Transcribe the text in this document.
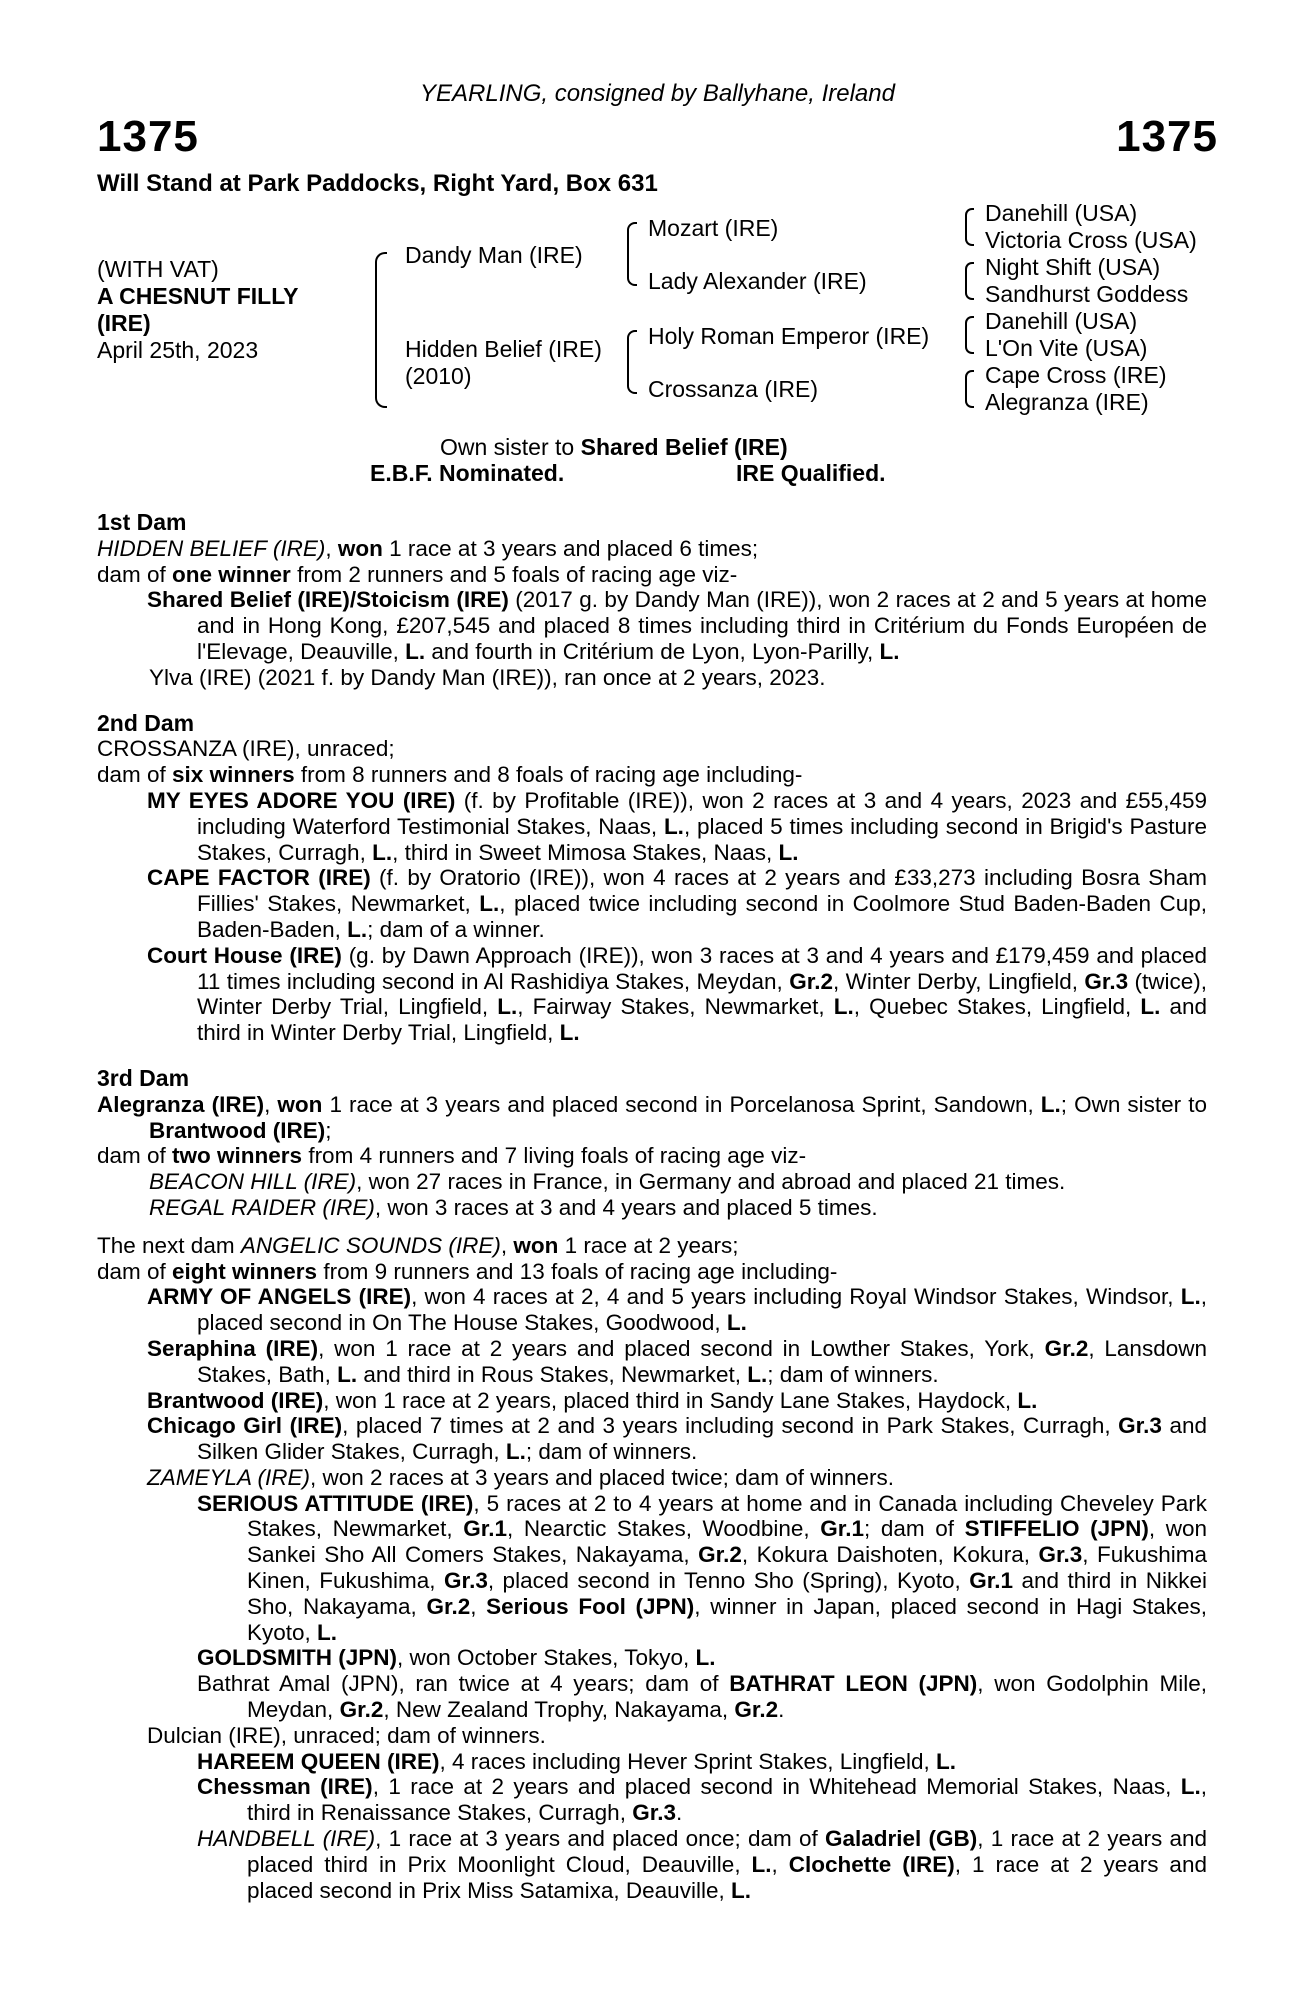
YEARLING, consigned by Ballyhane, Ireland
1375	1375
Will Stand at Park Paddocks, Right Yard, Box 631
(WITH VAT)
A CHESNUT FILLY
(IRE)
April 25th, 2023
Dandy Man (IRE)
Hidden Belief (IRE)
(2010)
Mozart (IRE)
Lady Alexander (IRE)
Holy Roman Emperor (IRE)
Crossanza (IRE)
Danehill (USA)
Victoria Cross (USA)
Night Shift (USA)
Sandhurst Goddess
Danehill (USA)
L'On Vite (USA)
Cape Cross (IRE)
Alegranza (IRE)
Own sister to Shared Belief (IRE)
E.B.F. Nominated.	IRE Qualified.

1st Dam

HIDDEN BELIEF (IRE), won 1 race at 3 years and placed 6 times;

dam of one winner from 2 runners and 5 foals of racing age viz-

Shared Belief (IRE)/Stoicism (IRE) (2017 g. by Dandy Man (IRE)), won 2 races at 2 and 5 years at home and in Hong Kong, £207,545 and placed 8 times including third in Critérium du Fonds Européen de l'Elevage, Deauville, L. and fourth in Critérium de Lyon, Lyon-Parilly, L.

Ylva (IRE) (2021 f. by Dandy Man (IRE)), ran once at 2 years, 2023.

2nd Dam

CROSSANZA (IRE), unraced;

dam of six winners from 8 runners and 8 foals of racing age including-

MY EYES ADORE YOU (IRE) (f. by Profitable (IRE)), won 2 races at 3 and 4 years, 2023 and £55,459 including Waterford Testimonial Stakes, Naas, L., placed 5 times including second in Brigid's Pasture Stakes, Curragh, L., third in Sweet Mimosa Stakes, Naas, L.

CAPE FACTOR (IRE) (f. by Oratorio (IRE)), won 4 races at 2 years and £33,273 including Bosra Sham Fillies' Stakes, Newmarket, L., placed twice including second in Coolmore Stud Baden-Baden Cup, Baden-Baden, L.; dam of a winner.

Court House (IRE) (g. by Dawn Approach (IRE)), won 3 races at 3 and 4 years and £179,459 and placed 11 times including second in Al Rashidiya Stakes, Meydan, Gr.2, Winter Derby, Lingfield, Gr.3 (twice), Winter Derby Trial, Lingfield, L., Fairway Stakes, Newmarket, L., Quebec Stakes, Lingfield, L. and third in Winter Derby Trial, Lingfield, L.

3rd Dam

Alegranza (IRE), won 1 race at 3 years and placed second in Porcelanosa Sprint, Sandown, L.; Own sister to Brantwood (IRE);

dam of two winners from 4 runners and 7 living foals of racing age viz-

BEACON HILL (IRE), won 27 races in France, in Germany and abroad and placed 21 times.

REGAL RAIDER (IRE), won 3 races at 3 and 4 years and placed 5 times.

The next dam ANGELIC SOUNDS (IRE), won 1 race at 2 years;

dam of eight winners from 9 runners and 13 foals of racing age including-

ARMY OF ANGELS (IRE), won 4 races at 2, 4 and 5 years including Royal Windsor Stakes, Windsor, L., placed second in On The House Stakes, Goodwood, L.

Seraphina (IRE), won 1 race at 2 years and placed second in Lowther Stakes, York, Gr.2, Lansdown Stakes, Bath, L. and third in Rous Stakes, Newmarket, L.; dam of winners.

Brantwood (IRE), won 1 race at 2 years, placed third in Sandy Lane Stakes, Haydock, L.

Chicago Girl (IRE), placed 7 times at 2 and 3 years including second in Park Stakes, Curragh, Gr.3 and Silken Glider Stakes, Curragh, L.; dam of winners.

ZAMEYLA (IRE), won 2 races at 3 years and placed twice; dam of winners.

SERIOUS ATTITUDE (IRE), 5 races at 2 to 4 years at home and in Canada including Cheveley Park Stakes, Newmarket, Gr.1, Nearctic Stakes, Woodbine, Gr.1; dam of STIFFELIO (JPN), won Sankei Sho All Comers Stakes, Nakayama, Gr.2, Kokura Daishoten, Kokura, Gr.3, Fukushima Kinen, Fukushima, Gr.3, placed second in Tenno Sho (Spring), Kyoto, Gr.1 and third in Nikkei Sho, Nakayama, Gr.2, Serious Fool (JPN), winner in Japan, placed second in Hagi Stakes, Kyoto, L.

GOLDSMITH (JPN), won October Stakes, Tokyo, L.

Bathrat Amal (JPN), ran twice at 4 years; dam of BATHRAT LEON (JPN), won Godolphin Mile, Meydan, Gr.2, New Zealand Trophy, Nakayama, Gr.2.

Dulcian (IRE), unraced; dam of winners.

HAREEM QUEEN (IRE), 4 races including Hever Sprint Stakes, Lingfield, L.

Chessman (IRE), 1 race at 2 years and placed second in Whitehead Memorial Stakes, Naas, L., third in Renaissance Stakes, Curragh, Gr.3.

HANDBELL (IRE), 1 race at 3 years and placed once; dam of Galadriel (GB), 1 race at 2 years and placed third in Prix Moonlight Cloud, Deauville, L., Clochette (IRE), 1 race at 2 years and placed second in Prix Miss Satamixa, Deauville, L.
